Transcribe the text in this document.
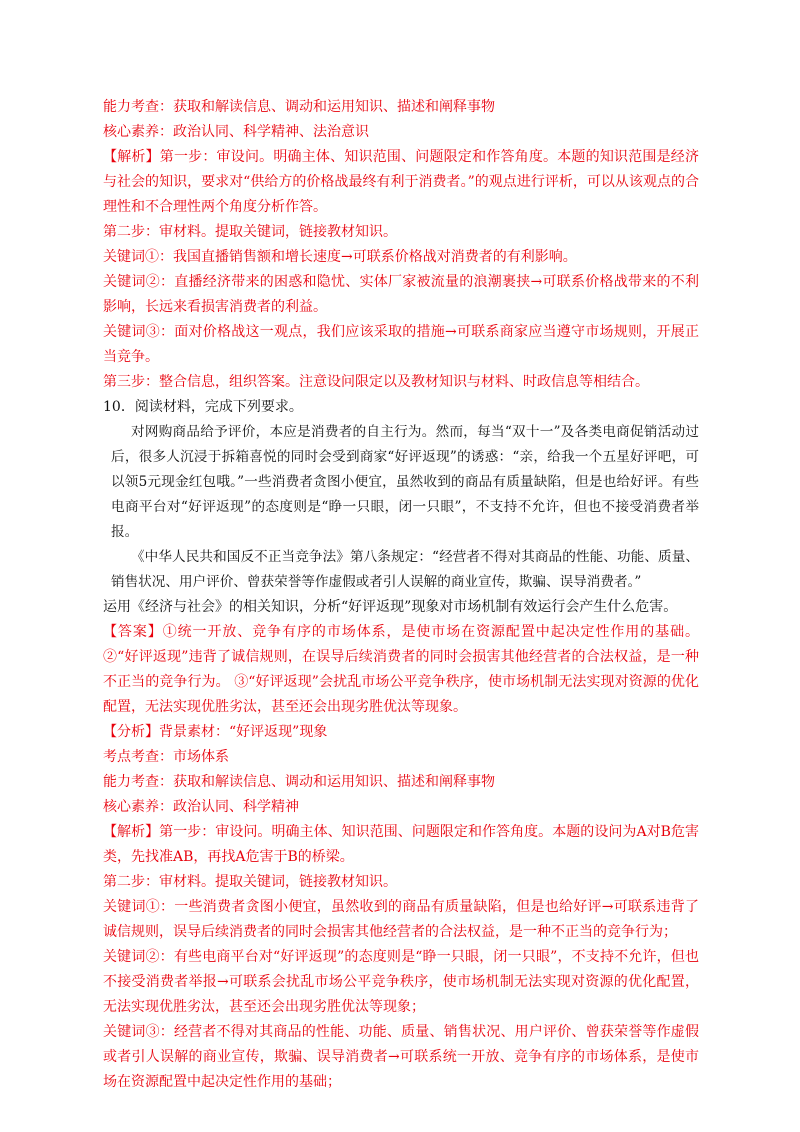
能力考查：获取和解读信息、调动和运用知识、描述和阐释事物

核心素养：政治认同、科学精神、法治意识

【解析】第一步：审设问。明确主体、知识范围、问题限定和作答角度。本题的知识范围是经济与社会的知识，要求对“供给方的价格战最终有利于消费者。”的观点进行评析，可以从该观点的合理性和不合理性两个角度分析作答。

第二步：审材料。提取关键词，链接教材知识。

关键词①：我国直播销售额和增长速度→可联系价格战对消费者的有利影响。

关键词②：直播经济带来的困惑和隐忧、实体厂家被流量的浪潮裹挟→可联系价格战带来的不利影响，长远来看损害消费者的利益。

关键词③：面对价格战这一观点，我们应该采取的措施→可联系商家应当遵守市场规则，开展正当竞争。

第三步：整合信息，组织答案。注意设问限定以及教材知识与材料、时政信息等相结合。

10．阅读材料，完成下列要求。

对网购商品给予评价，本应是消费者的自主行为。然而，每当“双十一”及各类电商促销活动过后，很多人沉浸于拆箱喜悦的同时会受到商家“好评返现”的诱惑：“亲，给我一个五星好评吧，可以领5元现金红包哦。”一些消费者贪图小便宜，虽然收到的商品有质量缺陷，但是也给好评。有些电商平台对“好评返现”的态度则是“睁一只眼，闭一只眼”，不支持不允许，但也不接受消费者举报。

《中华人民共和国反不正当竞争法》第八条规定：“经营者不得对其商品的性能、功能、质量、销售状况、用户评价、曾获荣誉等作虚假或者引人误解的商业宣传，欺骗、误导消费者。”

运用《经济与社会》的相关知识，分析“好评返现”现象对市场机制有效运行会产生什么危害。

【答案】①统一开放、竞争有序的市场体系，是使市场在资源配置中起决定性作用的基础。 ②“好评返现”违背了诚信规则，在误导后续消费者的同时会损害其他经营者的合法权益，是一种不正当的竞争行为。 ③“好评返现”会扰乱市场公平竞争秩序，使市场机制无法实现对资源的优化配置，无法实现优胜劣汰，甚至还会出现劣胜优汰等现象。

【分析】背景素材：“好评返现”现象

考点考查：市场体系

能力考查：获取和解读信息、调动和运用知识、描述和阐释事物

核心素养：政治认同、科学精神

【解析】第一步：审设问。明确主体、知识范围、问题限定和作答角度。本题的设问为A对B危害类，先找准AB，再找A危害于B的桥梁。

第二步：审材料。提取关键词，链接教材知识。

关键词①：一些消费者贪图小便宜，虽然收到的商品有质量缺陷，但是也给好评→可联系违背了诚信规则，误导后续消费者的同时会损害其他经营者的合法权益，是一种不正当的竞争行为；

关键词②：有些电商平台对“好评返现”的态度则是“睁一只眼，闭一只眼”，不支持不允许，但也不接受消费者举报→可联系会扰乱市场公平竞争秩序，使市场机制无法实现对资源的优化配置，无法实现优胜劣汰，甚至还会出现劣胜优汰等现象；

关键词③：经营者不得对其商品的性能、功能、质量、销售状况、用户评价、曾获荣誉等作虚假或者引人误解的商业宣传，欺骗、误导消费者→可联系统一开放、竞争有序的市场体系，是使市场在资源配置中起决定性作用的基础；
